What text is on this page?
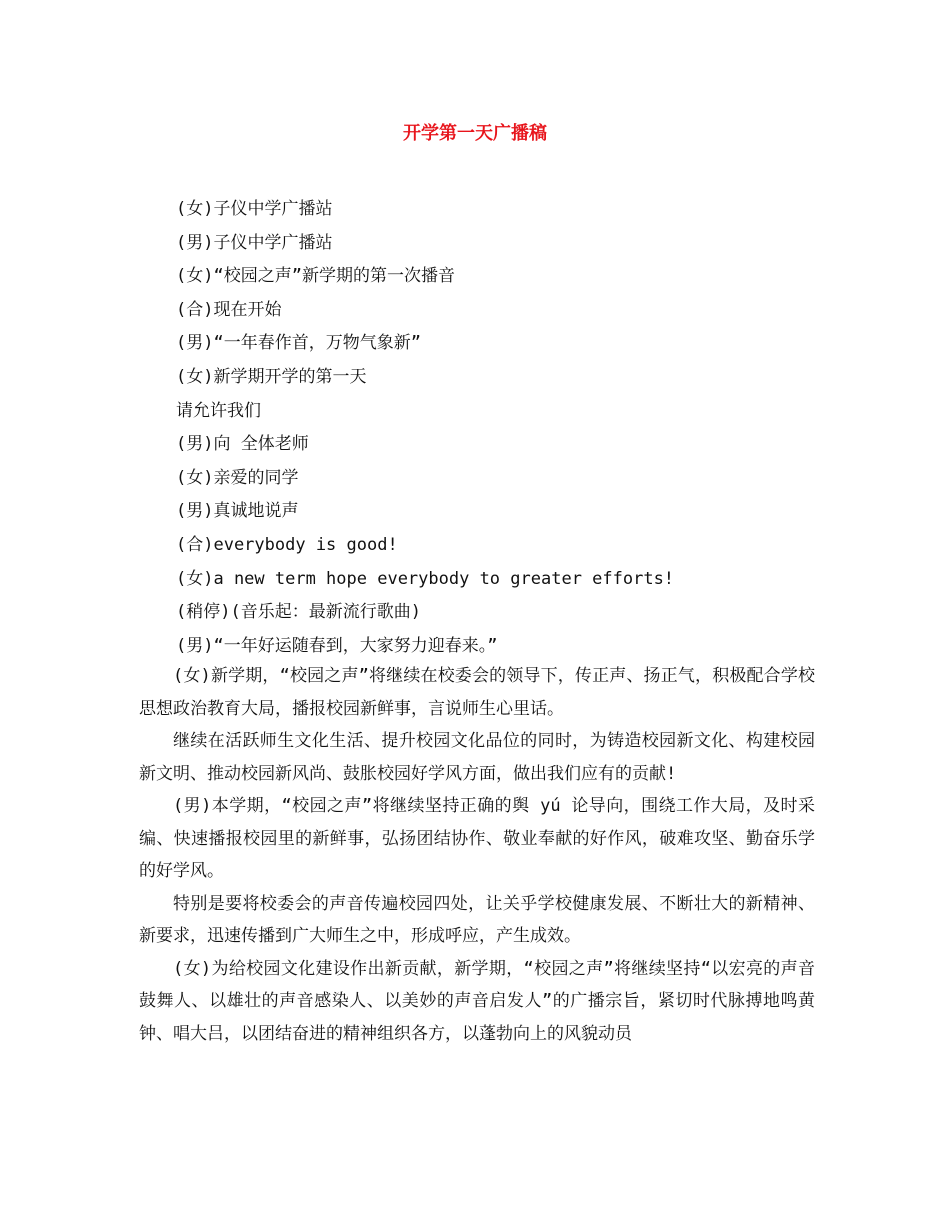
开学第一天广播稿
(女)子仪中学广播站
(男)子仪中学广播站
(女)“校园之声”新学期的第一次播音
(合)现在开始
(男)“一年春作首，万物气象新”
(女)新学期开学的第一天
请允许我们
(男)向 全体老师
(女)亲爱的同学
(男)真诚地说声
(合)everybody is good!
(女)a new term hope everybody to greater efforts!
(稍停)(音乐起：最新流行歌曲)
(男)“一年好运随春到，大家努力迎春来。”

(女)新学期，“校园之声”将继续在校委会的领导下，传正声、扬正气，积极配合学校思想政治教育大局，播报校园新鲜事，言说师生心里话。

继续在活跃师生文化生活、提升校园文化品位的同时，为铸造校园新文化、构建校园新文明、推动校园新风尚、鼓胀校园好学风方面，做出我们应有的贡献!

(男)本学期，“校园之声”将继续坚持正确的舆 yú 论导向，围绕工作大局，及时采编、快速播报校园里的新鲜事，弘扬团结协作、敬业奉献的好作风，破难攻坚、勤奋乐学的好学风。

特别是要将校委会的声音传遍校园四处，让关乎学校健康发展、不断壮大的新精神、新要求，迅速传播到广大师生之中，形成呼应，产生成效。

(女)为给校园文化建设作出新贡献，新学期，“校园之声”将继续坚持“以宏亮的声音鼓舞人、以雄壮的声音感染人、以美妙的声音启发人”的广播宗旨，紧切时代脉搏地鸣黄钟、唱大吕，以团结奋进的精神组织各方，以蓬勃向上的风貌动员
